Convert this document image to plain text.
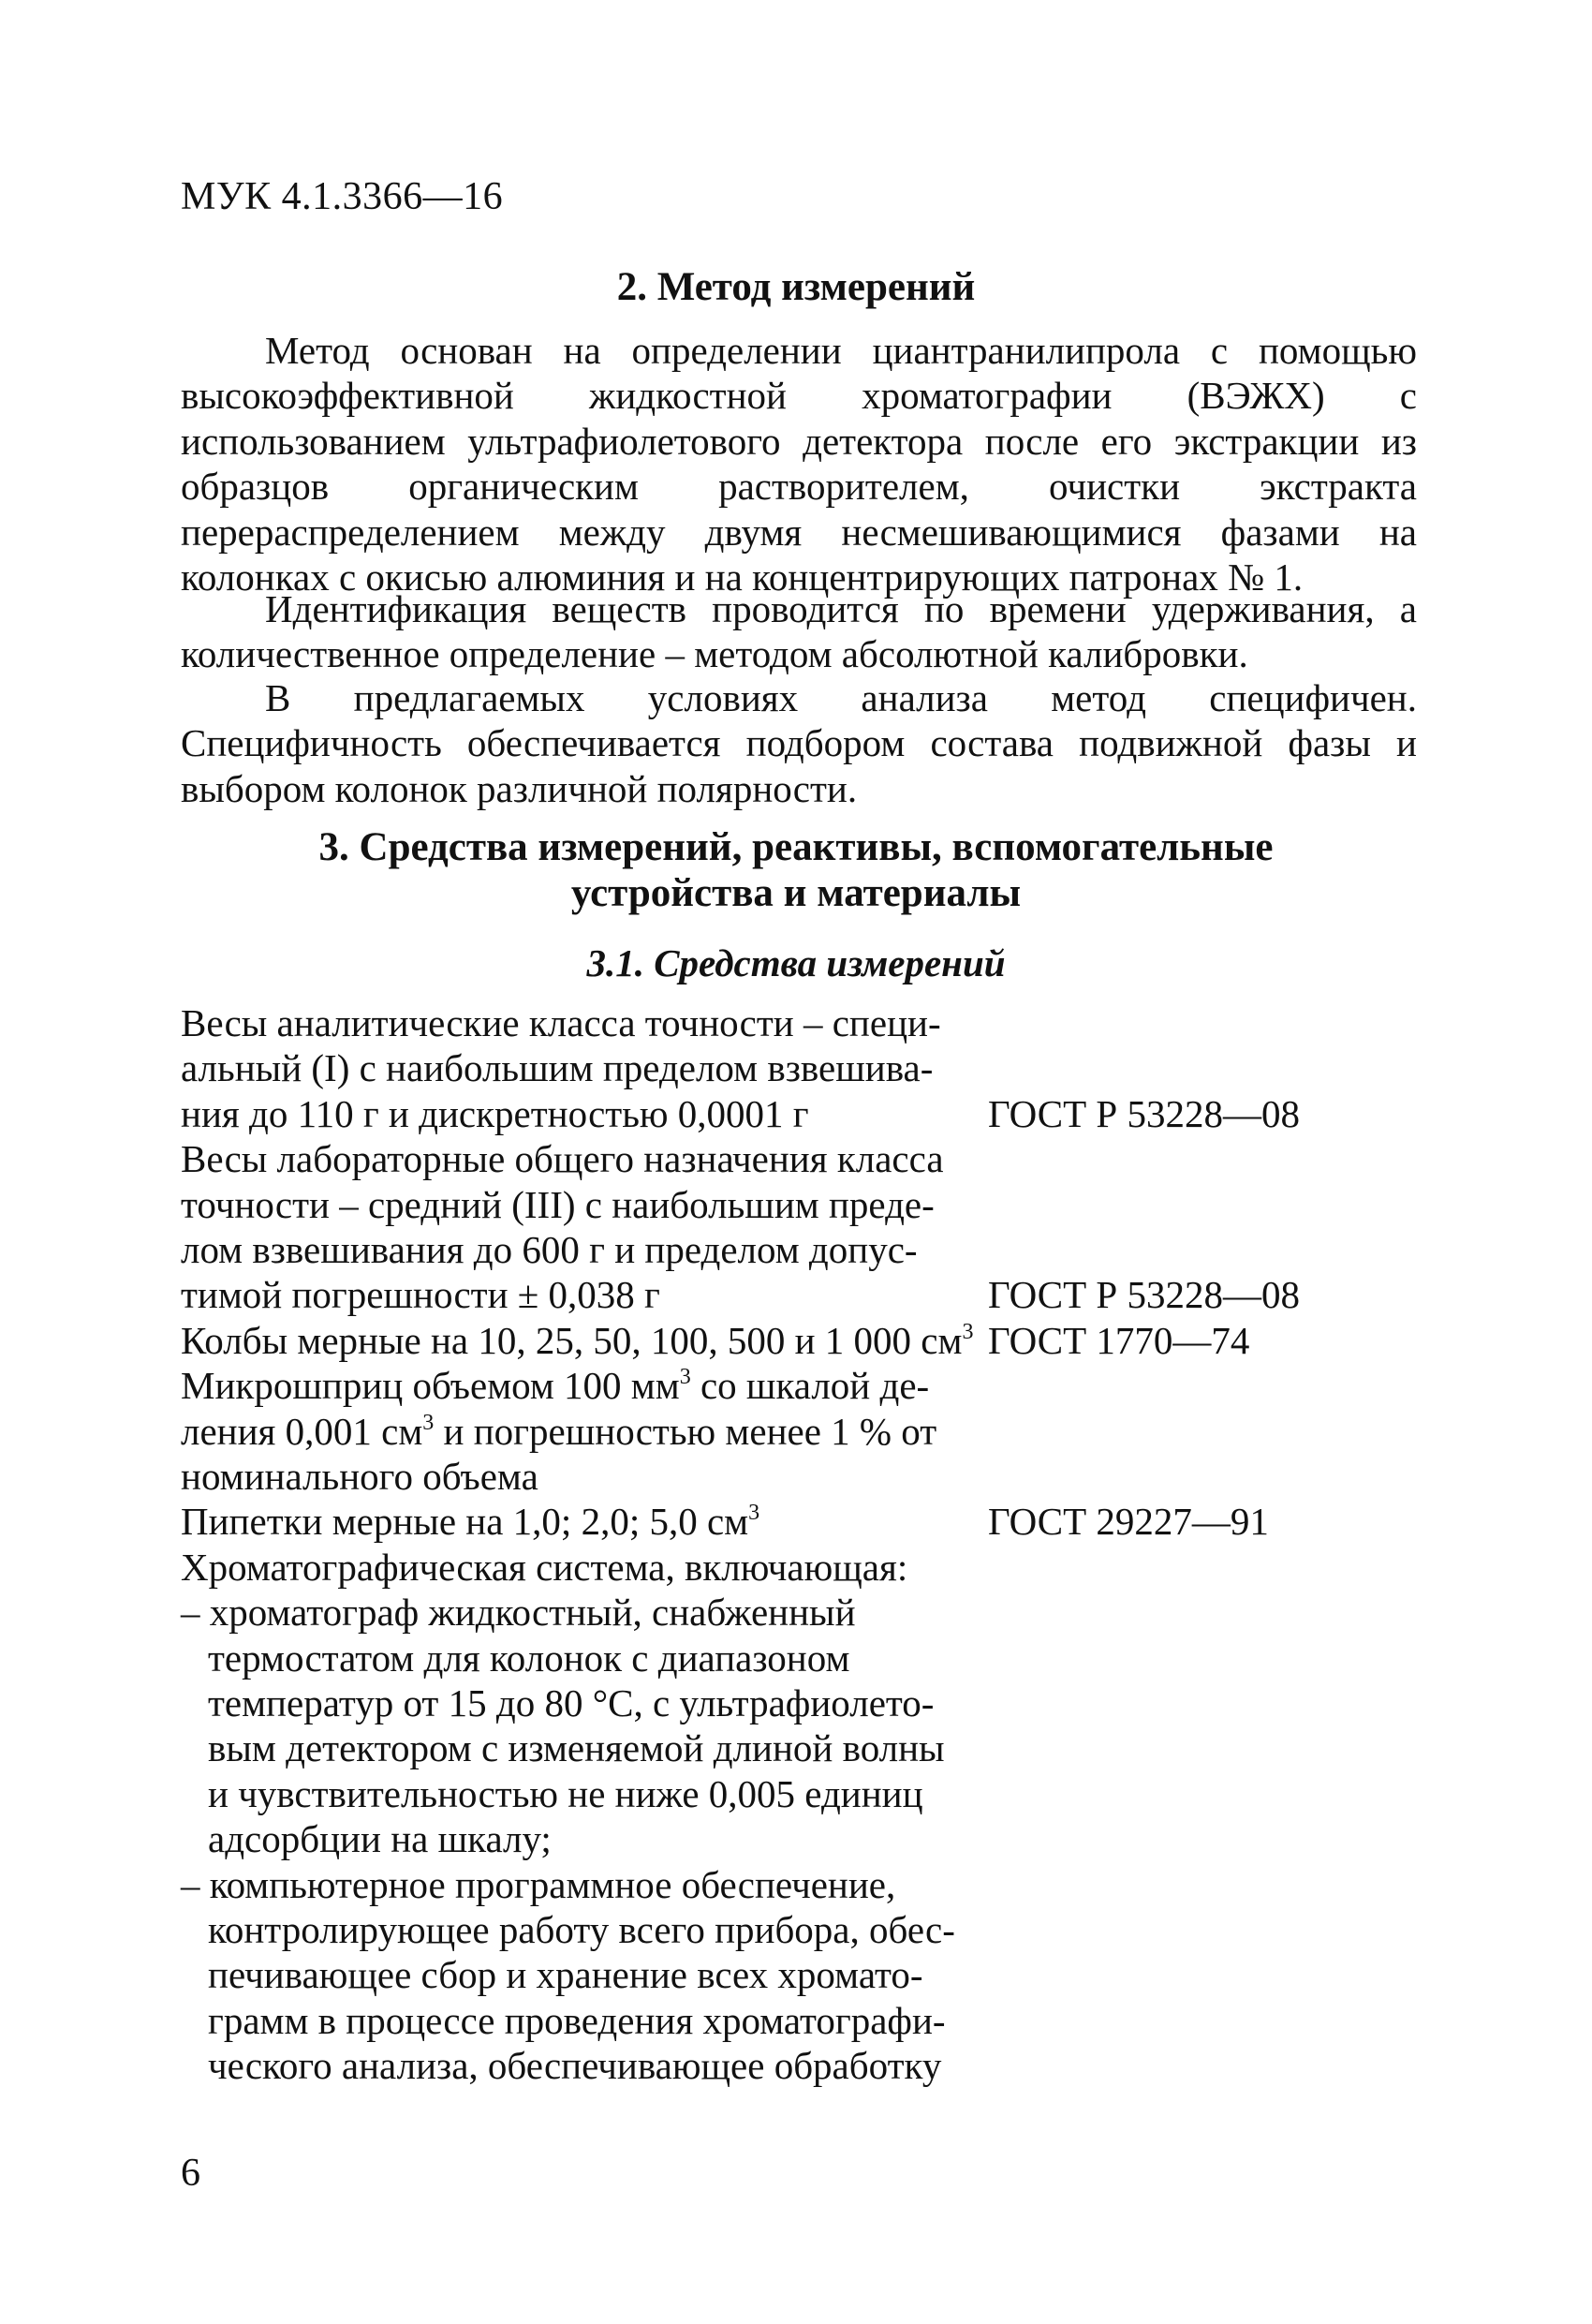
МУК 4.1.3366—16
2. Метод измерений

Метод основан на определении циантранилипрола с помощью высокоэффективной жидкостной хроматографии (ВЭЖХ) с использованием ультрафиолетового детектора после его экстракции из образцов органическим растворителем, очистки экстракта перераспределением между двумя несмешивающимися фазами на колонках с окисью алюминия и на концентрирующих патронах № 1.

Идентификация веществ проводится по времени удерживания, а количественное определение – методом абсолютной калибровки.

В предлагаемых условиях анализа метод специфичен. Специфичность обеспечивается подбором состава подвижной фазы и выбором колонок различной полярности.

3. Средства измерений, реактивы, вспомогательные
устройства и материалы
3.1. Средства измерений
Весы аналитические класса точности – специ-
альный (I) с наибольшим пределом взвешива-
ния до 110 г и дискретностью 0,0001 г	ГОСТ Р 53228—08
Весы лабораторные общего назначения класса
точности – средний (III) с наибольшим преде-
лом взвешивания до 600 г и пределом допус-
тимой погрешности ± 0,038 г	ГОСТ Р 53228—08
Колбы мерные на 10, 25, 50, 100, 500 и 1 000 $см^3$ ГОСТ 1770—74
Микрошприц объемом 100 $мм^3$ со шкалой де-
ления 0,001 $см^3$ и погрешностью менее 1 % от
номинального объема
Пипетки мерные на 1,0; 2,0; 5,0 $см^3$	ГОСТ 29227—91
Хроматографическая система, включающая:
– хроматограф жидкостный, снабженный
термостатом для колонок с диапазоном
температур от 15 до 80 °С, с ультрафиолето-
вым детектором с изменяемой длиной волны
и чувствительностью не ниже 0,005 единиц
адсорбции на шкалу;
– компьютерное программное обеспечение,
контролирующее работу всего прибора, обес-
печивающее сбор и хранение всех хромато-
грамм в процессе проведения хроматографи-
ческого анализа, обеспечивающее обработку
6
